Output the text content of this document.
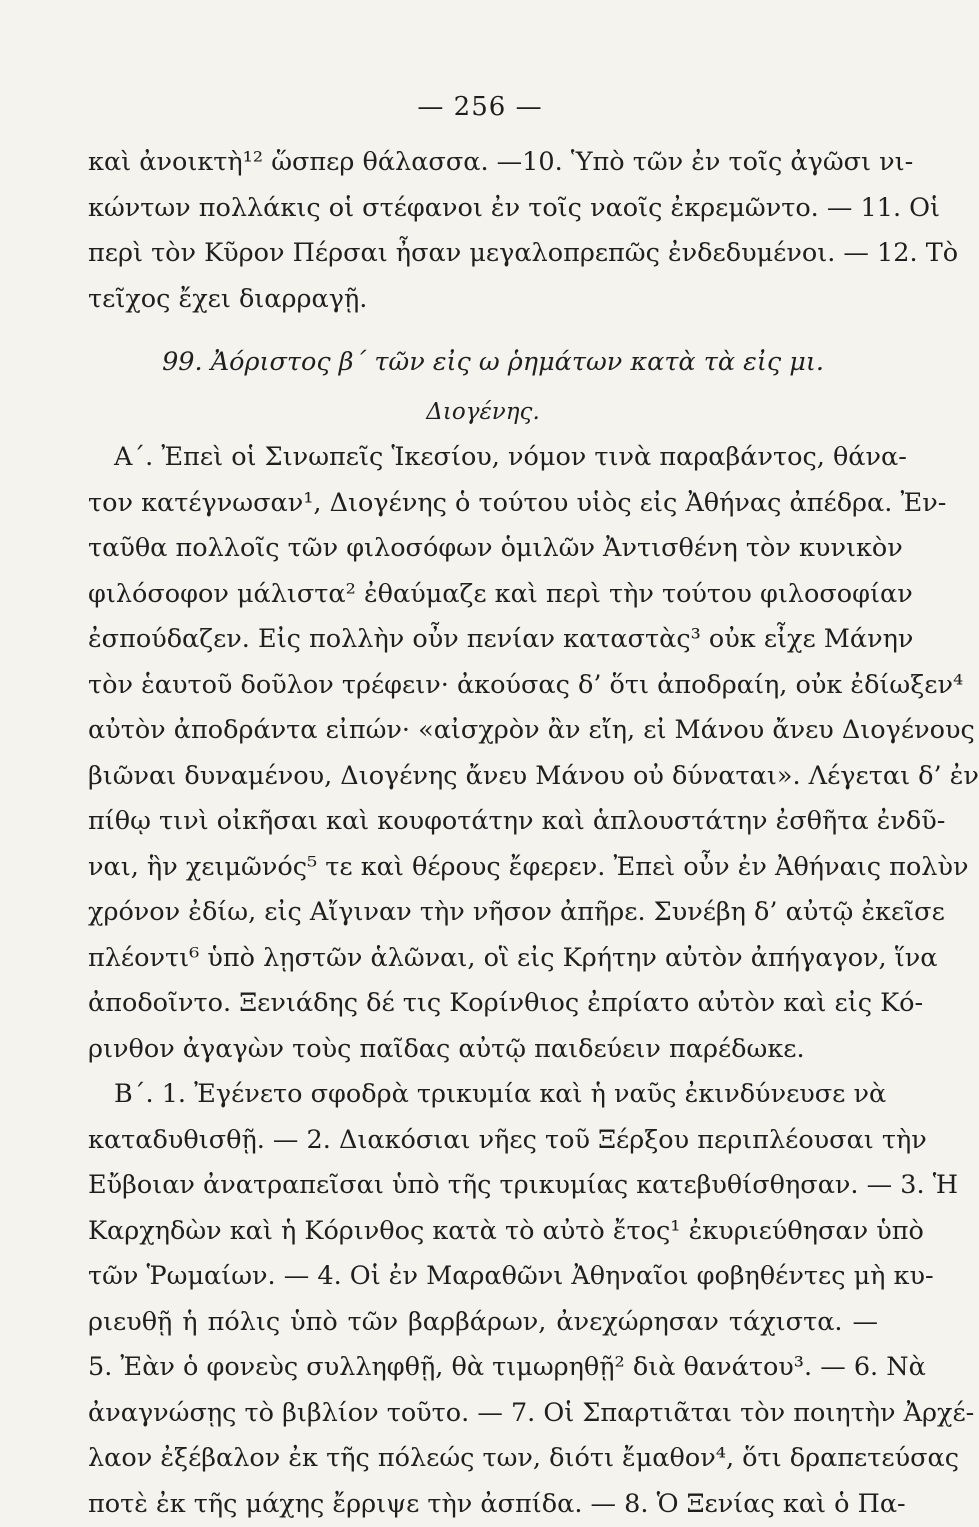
— 256 —
καὶ ἀνοικτὴ¹² ὥσπερ θάλασσα. —10. Ὑπὸ τῶν ἐν τοῖς ἀγῶσι νι-
κώντων πολλάκις οἱ στέφανοι ἐν τοῖς ναοῖς ἐκρεμῶντο. — 11. Οἱ
περὶ τὸν Κῦρον Πέρσαι ἦσαν μεγαλοπρεπῶς ἐνδεδυμένοι. — 12. Τὸ
τεῖχος ἔχει διαρραγῇ.
99. Ἀόριστος β΄ τῶν εἰς ω ῥημάτων κατὰ τὰ εἰς μι.
Διογένης.
Α΄. Ἐπεὶ οἱ Σινωπεῖς Ἱκεσίου, νόμον τινὰ παραβάντος, θάνα-
τον κατέγνωσαν¹, Διογένης ὁ τούτου υἱὸς εἰς Ἀθήνας ἀπέδρα. Ἐν-
ταῦθα πολλοῖς τῶν φιλοσόφων ὁμιλῶν Ἀντισθένη τὸν κυνικὸν
φιλόσοφον μάλιστα² ἐθαύμαζε καὶ περὶ τὴν τούτου φιλοσοφίαν
ἐσπούδαζεν. Εἰς πολλὴν οὖν πενίαν καταστὰς³ οὐκ εἶχε Μάνην
τὸν ἑαυτοῦ δοῦλον τρέφειν· ἀκούσας δ’ ὅτι ἀποδραίη, οὐκ ἐδίωξεν⁴
αὐτὸν ἀποδράντα εἰπών· «αἰσχρὸν ἂν εἴη, εἰ Μάνου ἄνευ Διογένους
βιῶναι δυναμένου, Διογένης ἄνευ Μάνου οὐ δύναται». Λέγεται δ’ ἐν
πίθῳ τινὶ οἰκῆσαι καὶ κουφοτάτην καὶ ἁπλουστάτην ἐσθῆτα ἐνδῦ-
ναι, ἣν χειμῶνός⁵ τε καὶ θέρους ἔφερεν. Ἐπεὶ οὖν ἐν Ἀθήναις πολὺν
χρόνον ἐδίω, εἰς Αἴγιναν τὴν νῆσον ἀπῆρε. Συνέβη δ’ αὐτῷ ἐκεῖσε
πλέοντι⁶ ὑπὸ λῃστῶν ἁλῶναι, οἳ εἰς Κρήτην αὐτὸν ἀπήγαγον, ἵνα
ἀποδοῖντο. Ξενιάδης δέ τις Κορίνθιος ἐπρίατο αὐτὸν καὶ εἰς Κό-
ρινθον ἀγαγὼν τοὺς παῖδας αὐτῷ παιδεύειν παρέδωκε.
Β΄. 1. Ἐγένετο σφοδρὰ τρικυμία καὶ ἡ ναῦς ἐκινδύνευσε νὰ
καταδυθισθῇ. — 2. Διακόσιαι νῆες τοῦ Ξέρξου περιπλέουσαι τὴν
Εὔβοιαν ἀνατραπεῖσαι ὑπὸ τῆς τρικυμίας κατεβυθίσθησαν. — 3. Ἡ
Καρχηδὼν καὶ ἡ Κόρινθος κατὰ τὸ αὐτὸ ἔτος¹ ἐκυριεύθησαν ὑπὸ
τῶν Ῥωμαίων. — 4. Οἱ ἐν Μαραθῶνι Ἀθηναῖοι φοβηθέντες μὴ κυ-
ριευθῇ ἡ πόλις ὑπὸ τῶν βαρβάρων, ἀνεχώρησαν τάχιστα. —
5. Ἐὰν ὁ φονεὺς συλληφθῇ, θὰ τιμωρηθῇ² διὰ θανάτου³. — 6. Νὰ
ἀναγνώσῃς τὸ βιβλίον τοῦτο. — 7. Οἱ Σπαρτιᾶται τὸν ποιητὴν Ἀρχέ-
λαον ἐξέβαλον ἐκ τῆς πόλεώς των, διότι ἔμαθον⁴, ὅτι δραπετεύσας
ποτὲ ἐκ τῆς μάχης ἔρριψε τὴν ἀσπίδα. — 8. Ὁ Ξενίας καὶ ὁ Πα-
